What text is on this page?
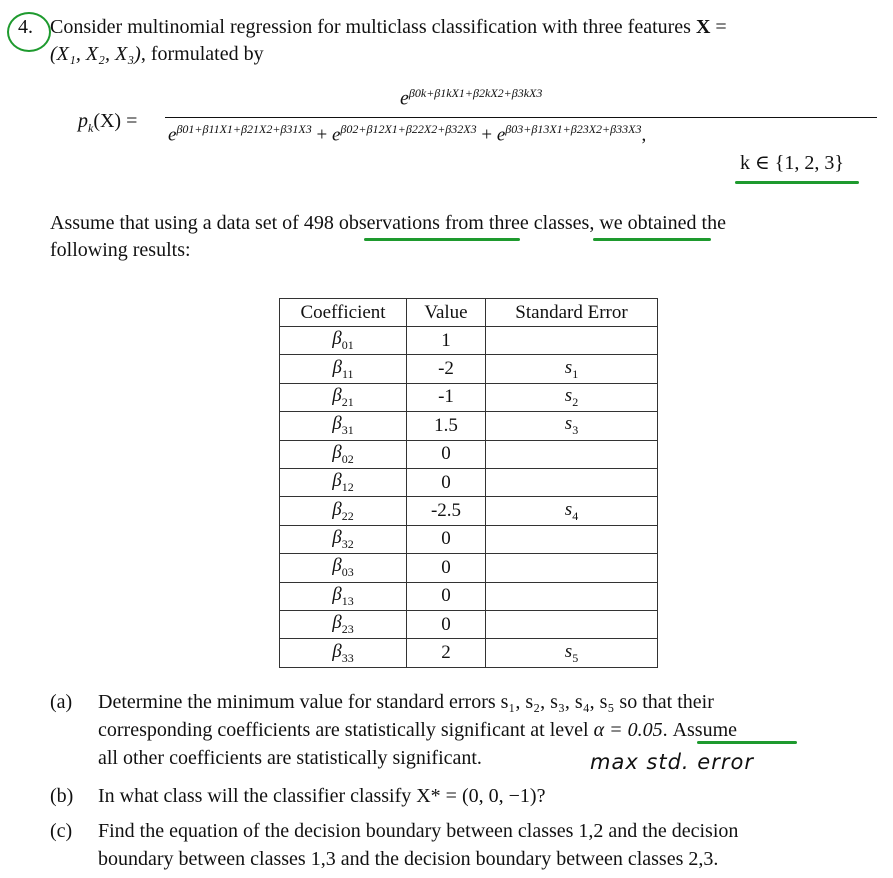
4. Consider multinomial regression for multiclass classification with three features X =
(X₁, X₂, X₃), formulated by
$p_k(X)$ =
$e^{\beta 0k+\beta 1kX1+\beta 2kX2+\beta 3kX3}$
$e^{\beta 01+\beta 11X1+\beta 21X2+\beta 31X3} + e^{\beta 02+\beta 12X1+\beta 22X2+\beta 32X3} + e^{\beta 03+\beta 13X1+\beta 23X2+\beta 33X3}$,
k ∈ {1, 2, 3}
Assume that using a data set of 498 observations from three classes, we obtained the
following results:
Coefficient	Value	Standard Error
$\beta_{01}$	1	
$\beta_{11}$	-2	$s_1$
$\beta_{21}$	-1	$s_2$
$\beta_{31}$	1.5	$s_3$
$\beta_{02}$	0	
$\beta_{12}$	0	
$\beta_{22}$	-2.5	$s_4$
$\beta_{32}$	0	
$\beta_{03}$	0	
$\beta_{13}$	0	
$\beta_{23}$	0	
$\beta_{33}$	2	$s_5$
(a) Determine the minimum value for standard errors s₁, s₂, s₃, s₄, s₅ so that their
corresponding coefficients are statistically significant at level α = 0.05. Assume
all other coefficients are statistically significant.	max std. error
(b) In what class will the classifier classify X* = (0, 0, −1)?
(c) Find the equation of the decision boundary between classes 1,2 and the decision
boundary between classes 1,3 and the decision boundary between classes 2,3.
